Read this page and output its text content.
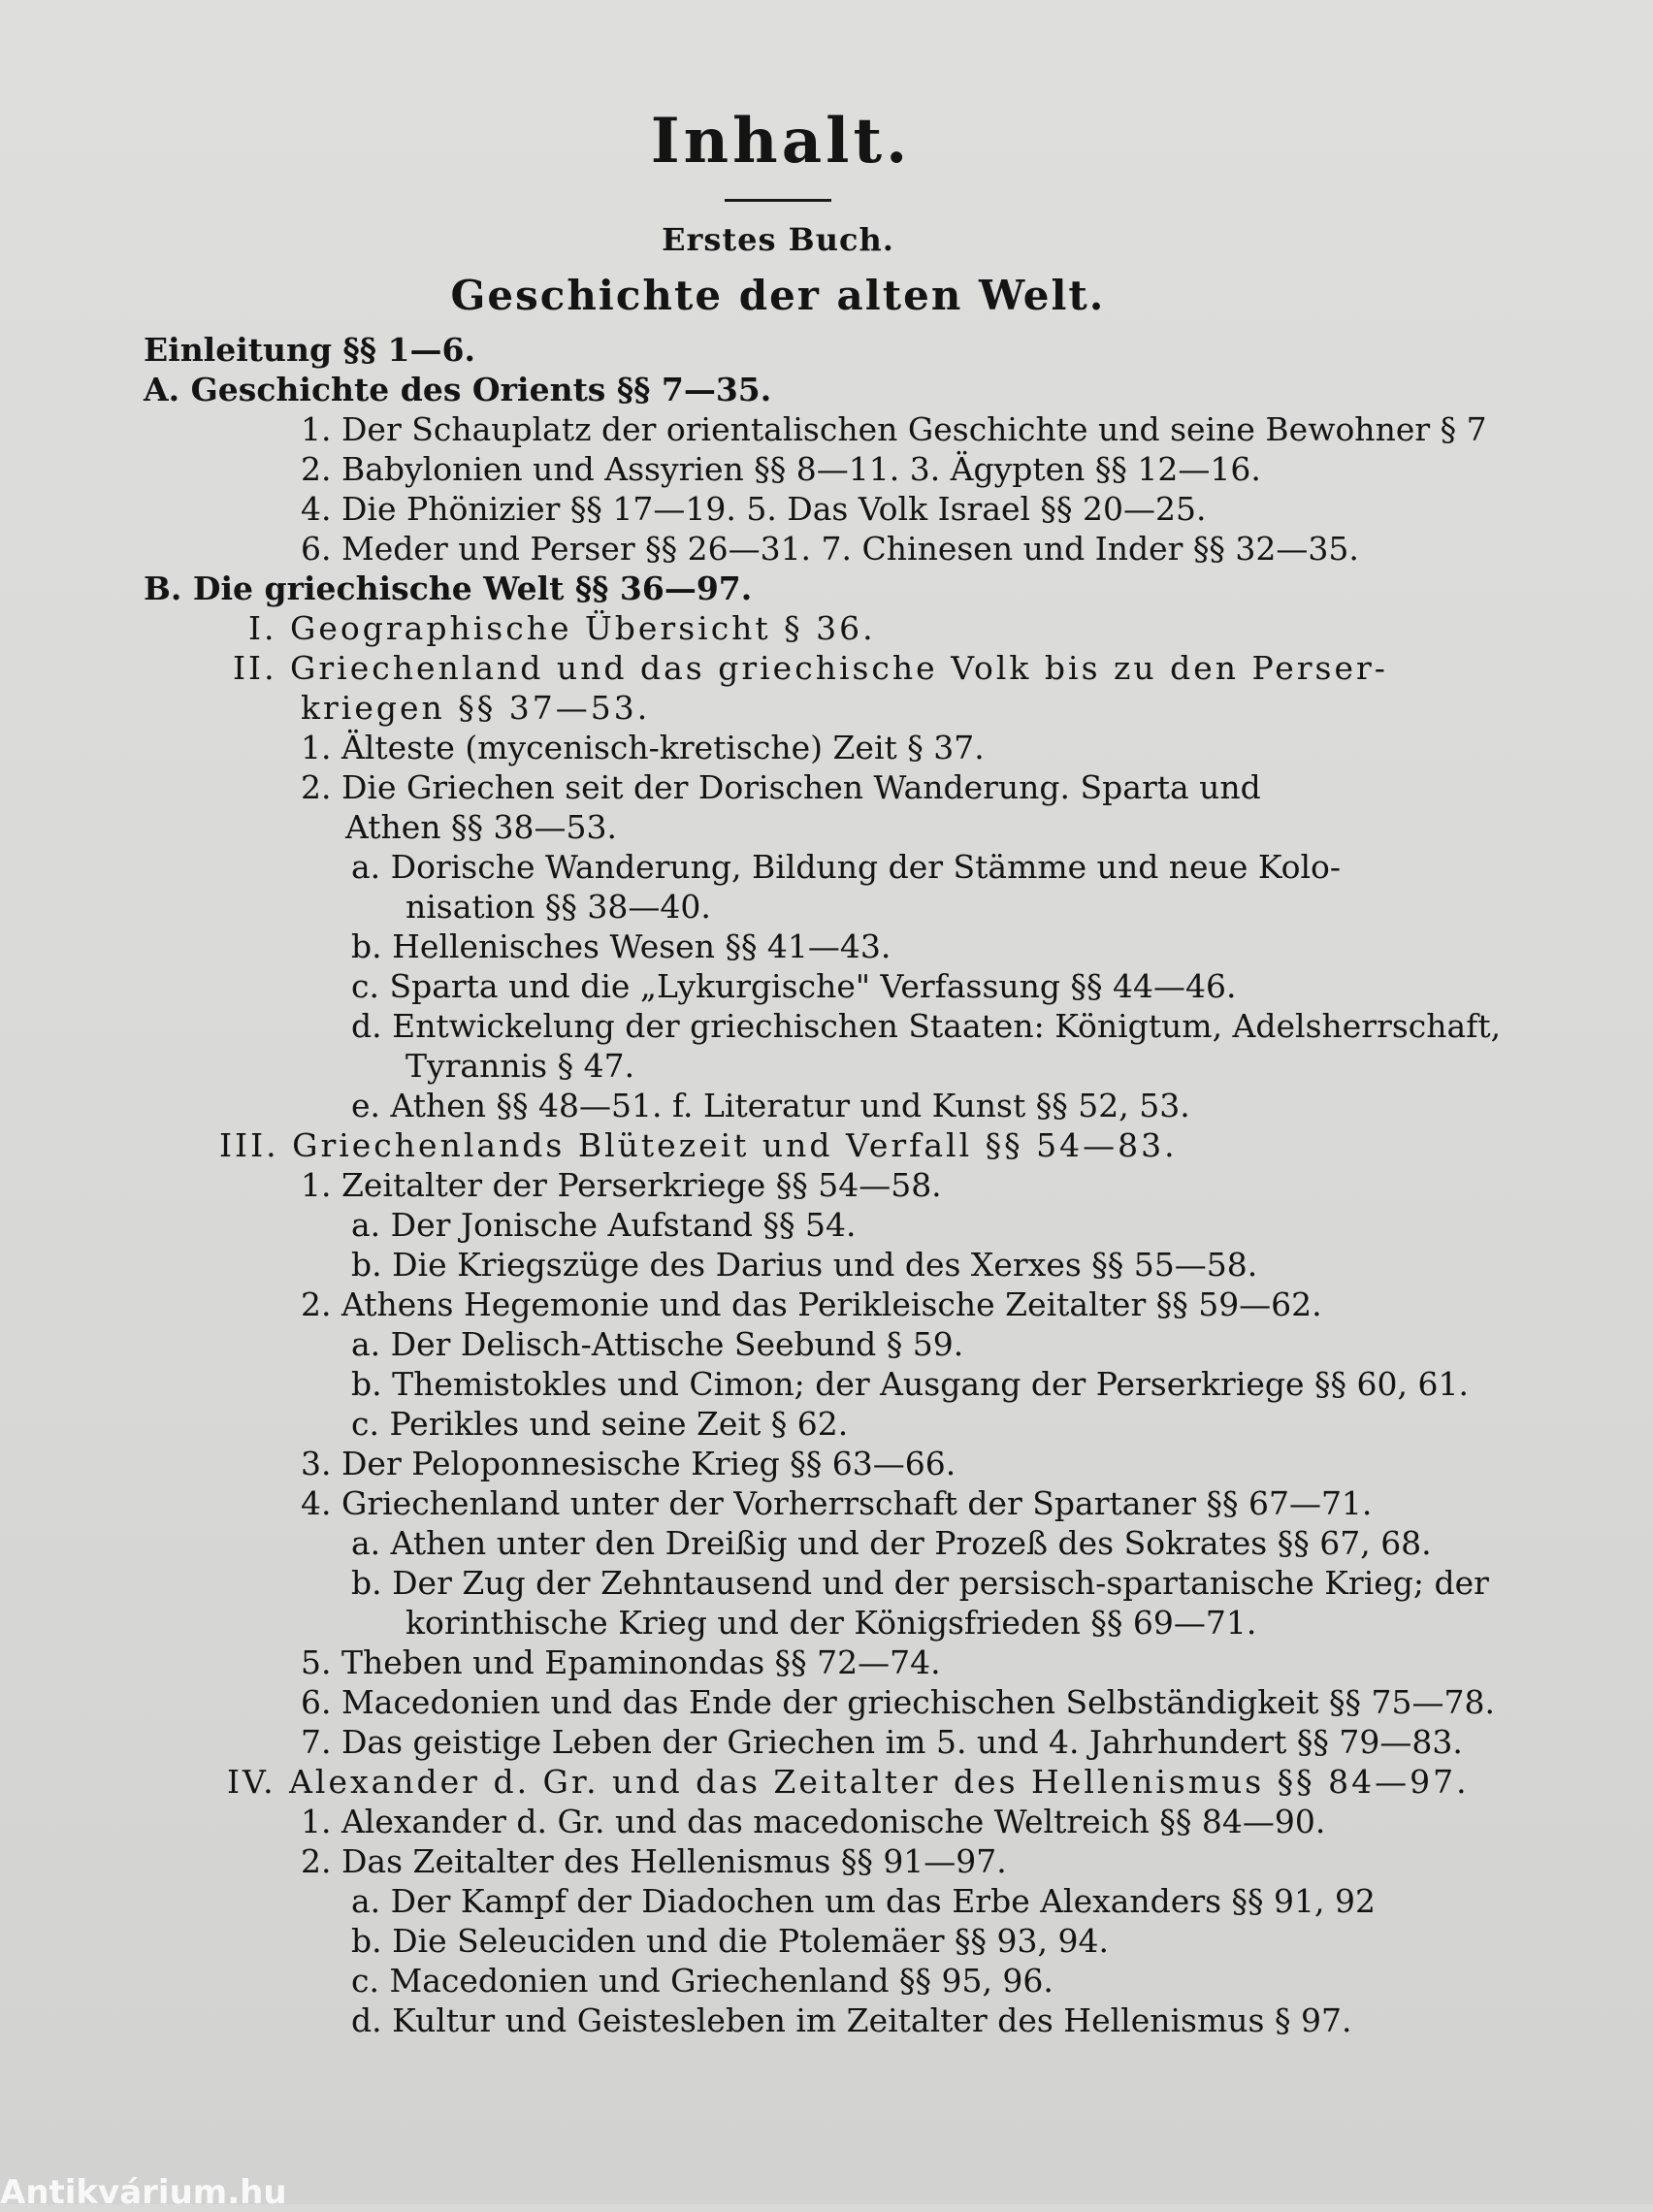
Inhalt.
Erstes Buch.
Geschichte der alten Welt.
Einleitung §§ 1—6.
A. Geschichte des Orients §§ 7—35.
1. Der Schauplatz der orientalischen Geschichte und seine Bewohner § 7
2. Babylonien und Assyrien §§ 8—11. 3. Ägypten §§ 12—16.
4. Die Phönizier §§ 17—19. 5. Das Volk Israel §§ 20—25.
6. Meder und Perser §§ 26—31. 7. Chinesen und Inder §§ 32—35.
B. Die griechische Welt §§ 36—97.
I. Geographische Übersicht § 36.
II. Griechenland und das griechische Volk bis zu den Perser-
kriegen §§ 37—53.
1. Älteste (mycenisch-kretische) Zeit § 37.
2. Die Griechen seit der Dorischen Wanderung. Sparta und
Athen §§ 38—53.
a. Dorische Wanderung, Bildung der Stämme und neue Kolo-
nisation §§ 38—40.
b. Hellenisches Wesen §§ 41—43.
c. Sparta und die „Lykurgische" Verfassung §§ 44—46.
d. Entwickelung der griechischen Staaten: Königtum, Adelsherrschaft,
Tyrannis § 47.
e. Athen §§ 48—51. f. Literatur und Kunst §§ 52, 53.
III. Griechenlands Blütezeit und Verfall §§ 54—83.
1. Zeitalter der Perserkriege §§ 54—58.
a. Der Jonische Aufstand §§ 54.
b. Die Kriegszüge des Darius und des Xerxes §§ 55—58.
2. Athens Hegemonie und das Perikleische Zeitalter §§ 59—62.
a. Der Delisch-Attische Seebund § 59.
b. Themistokles und Cimon; der Ausgang der Perserkriege §§ 60, 61.
c. Perikles und seine Zeit § 62.
3. Der Peloponnesische Krieg §§ 63—66.
4. Griechenland unter der Vorherrschaft der Spartaner §§ 67—71.
a. Athen unter den Dreißig und der Prozeß des Sokrates §§ 67, 68.
b. Der Zug der Zehntausend und der persisch-spartanische Krieg; der
korinthische Krieg und der Königsfrieden §§ 69—71.
5. Theben und Epaminondas §§ 72—74.
6. Macedonien und das Ende der griechischen Selbständigkeit §§ 75—78.
7. Das geistige Leben der Griechen im 5. und 4. Jahrhundert §§ 79—83.
IV. Alexander d. Gr. und das Zeitalter des Hellenismus §§ 84—97.
1. Alexander d. Gr. und das macedonische Weltreich §§ 84—90.
2. Das Zeitalter des Hellenismus §§ 91—97.
a. Der Kampf der Diadochen um das Erbe Alexanders §§ 91, 92
b. Die Seleuciden und die Ptolemäer §§ 93, 94.
c. Macedonien und Griechenland §§ 95, 96.
d. Kultur und Geistesleben im Zeitalter des Hellenismus § 97.
Antikvárium.hu
